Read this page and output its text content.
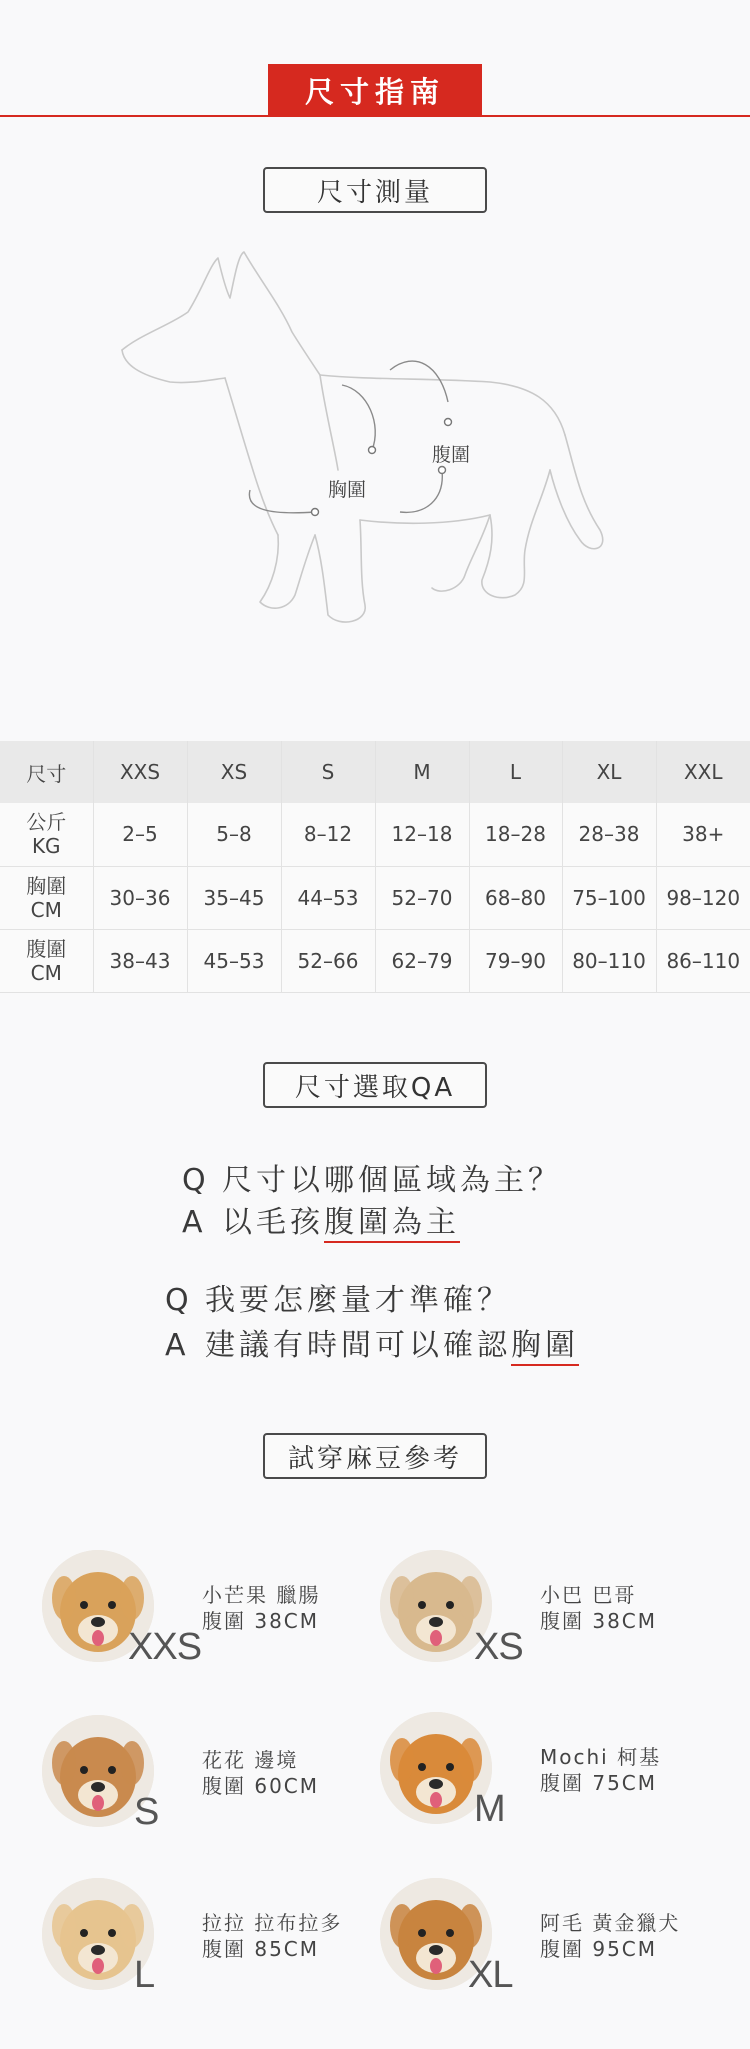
尺寸指南
尺寸測量
胸圍
腹圍
尺寸	XXS	XS	S	M	L	XL	XXL
公斤
KG	2–5	5–8	8–12	12–18	18–28	28–38	38+
胸圍
CM	30–36	35–45	44–53	52–70	68–80	75–100	98–120
腹圍
CM	38–43	45–53	52–66	62–79	79–90	80–110	86–110
尺寸選取QA
Q 尺寸以哪個區域為主？
A 以毛孩腹圍為主
Q 我要怎麼量才準確？
A 建議有時間可以確認胸圍
試穿麻豆參考
XXS
小芒果 臘腸
腹圍 38CM
XS
小巴 巴哥
腹圍 38CM
S
花花 邊境
腹圍 60CM
M
Mochi 柯基
腹圍 75CM
L
拉拉 拉布拉多
腹圍 85CM
XL
阿毛 黃金獵犬
腹圍 95CM
